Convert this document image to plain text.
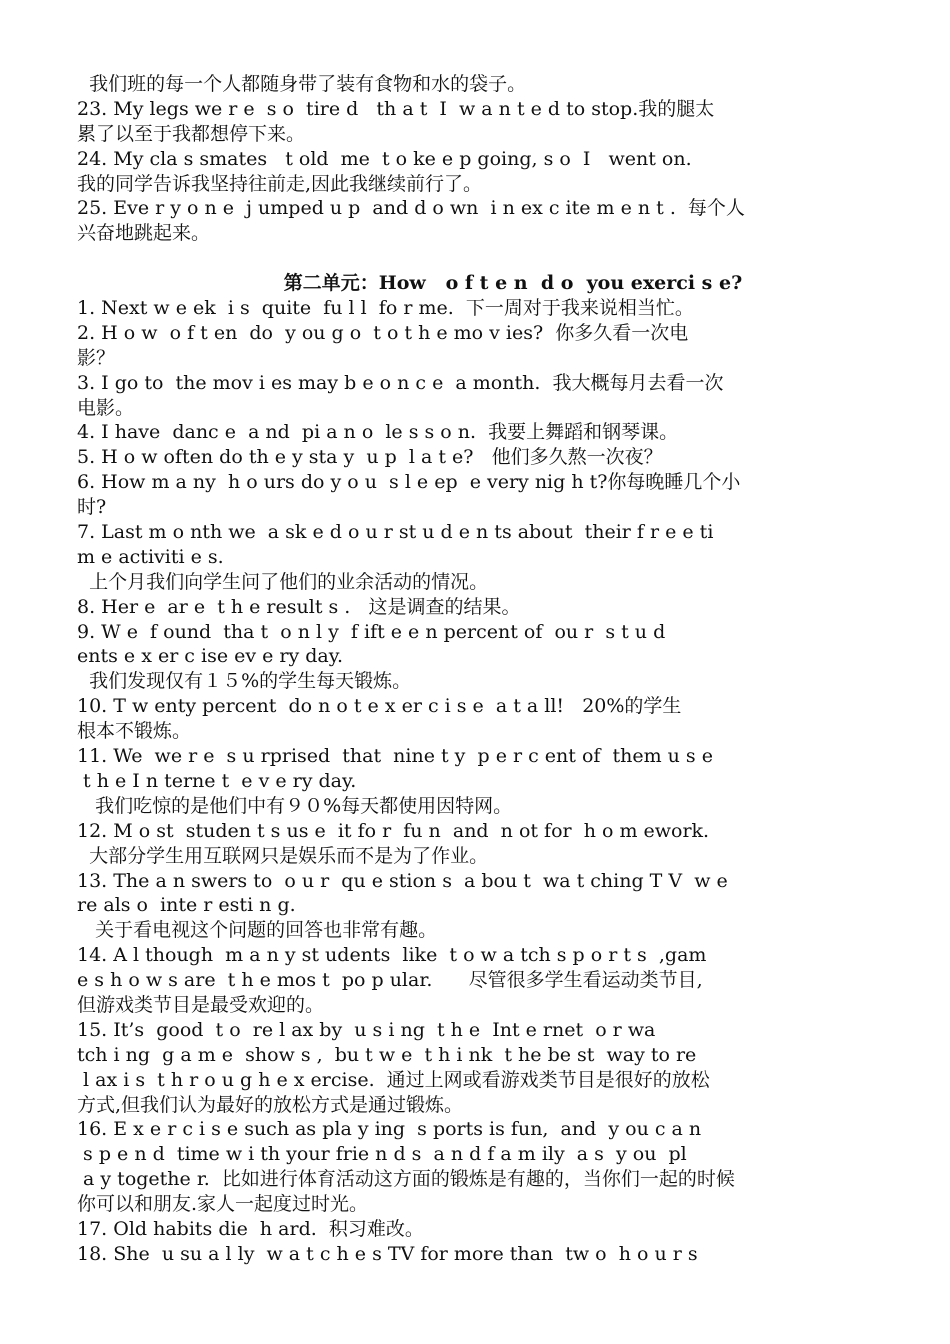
我们班的每一个人都随身带了装有食物和水的袋子。
23. My legs we r e  s o  tire d   th a t  I  w a n t e d to stop.我的腿太
累了以至于我都想停下来。
24. My cla s smates   t old  me  t o ke e p going, s o  I   went on.
我的同学告诉我坚持往前走,因此我继续前行了。
25. Eve r y o n e  j umped u p  and d o wn  i n ex c ite m e n t .  每个人
兴奋地跳起来。
第二单元：How   o f t e n  d o  you exerci s e?
1. Next w e ek  i s  quite  fu l l  fo r me.  下一周对于我来说相当忙。
2. H o w  o f t en  do  y ou g o  t o t h e mo v ies?  你多久看一次电
影？
3. I go to  the mov i es may b e o n c e  a month.  我大概每月去看一次
电影。
4. I have  danc e  a nd  pi a n o  le s s o n.  我要上舞蹈和钢琴课。
5. H o w often do th e y sta y  u p  l a t e?   他们多久熬一次夜？
6. How m a ny  h o urs do y o u  s l e ep  e very nig h t?你每晚睡几个小
时?
7. Last m o nth we  a sk e d o u r st u d e n ts about  their f r e e ti
m e activiti e s.
上个月我们向学生问了他们的业余活动的情况。
8. Her e  ar e  t h e result s .   这是调查的结果。
9. W e  f ound  tha t  o n l y  f ift e e n percent of  ou r  s t u d
ents e x er c ise ev e ry day.
我们发现仅有１５%的学生每天锻炼。
10. T w enty percent  do n o t e x er c i s e  a t a ll!   20%的学生
根本不锻炼。
11. We  we r e  s u rprised  that  nine t y  p e r c ent of  them u s e
t h e I n terne t  e v e ry day.
我们吃惊的是他们中有９０%每天都使用因特网。
12. M o st  studen t s us e  it fo r  fu n  and  n ot for  h o m ework.
大部分学生用互联网只是娱乐而不是为了作业。
13. The a n swers to  o u r  qu e stion s  a bou t  wa t ching T V  w e
re als o  inte r esti n g.
关于看电视这个问题的回答也非常有趣。
14. A l though  m a n y st udents  like  t o w a tch s p o r t s  ,gam
e s h o w s are  t h e mos t  po p ular.      尽管很多学生看运动类节目,
但游戏类节目是最受欢迎的。
15. It’s  good  t o  re l ax by  u s i ng  t h e  Int e rnet  o r wa
tch i ng  g a m e  show s ,  bu t w e  t h i nk  t he be st  way to re
l ax i s  t h r o u g h e x ercise.  通过上网或看游戏类节目是很好的放松
方式,但我们认为最好的放松方式是通过锻炼。
16. E x e r c i s e such as pla y ing  s ports is fun,  and  y ou c a n
s p e n d  time w i th your frie n d s  a n d f a m ily  a s  y ou  pl
a y togethe r.  比如进行体育活动这方面的锻炼是有趣的，当你们一起的时候
你可以和朋友.家人一起度过时光。
17. Old habits die  h ard.  积习难改。
18. She  u su a l ly  w a t c h e s TV for more than  tw o  h o u r s
